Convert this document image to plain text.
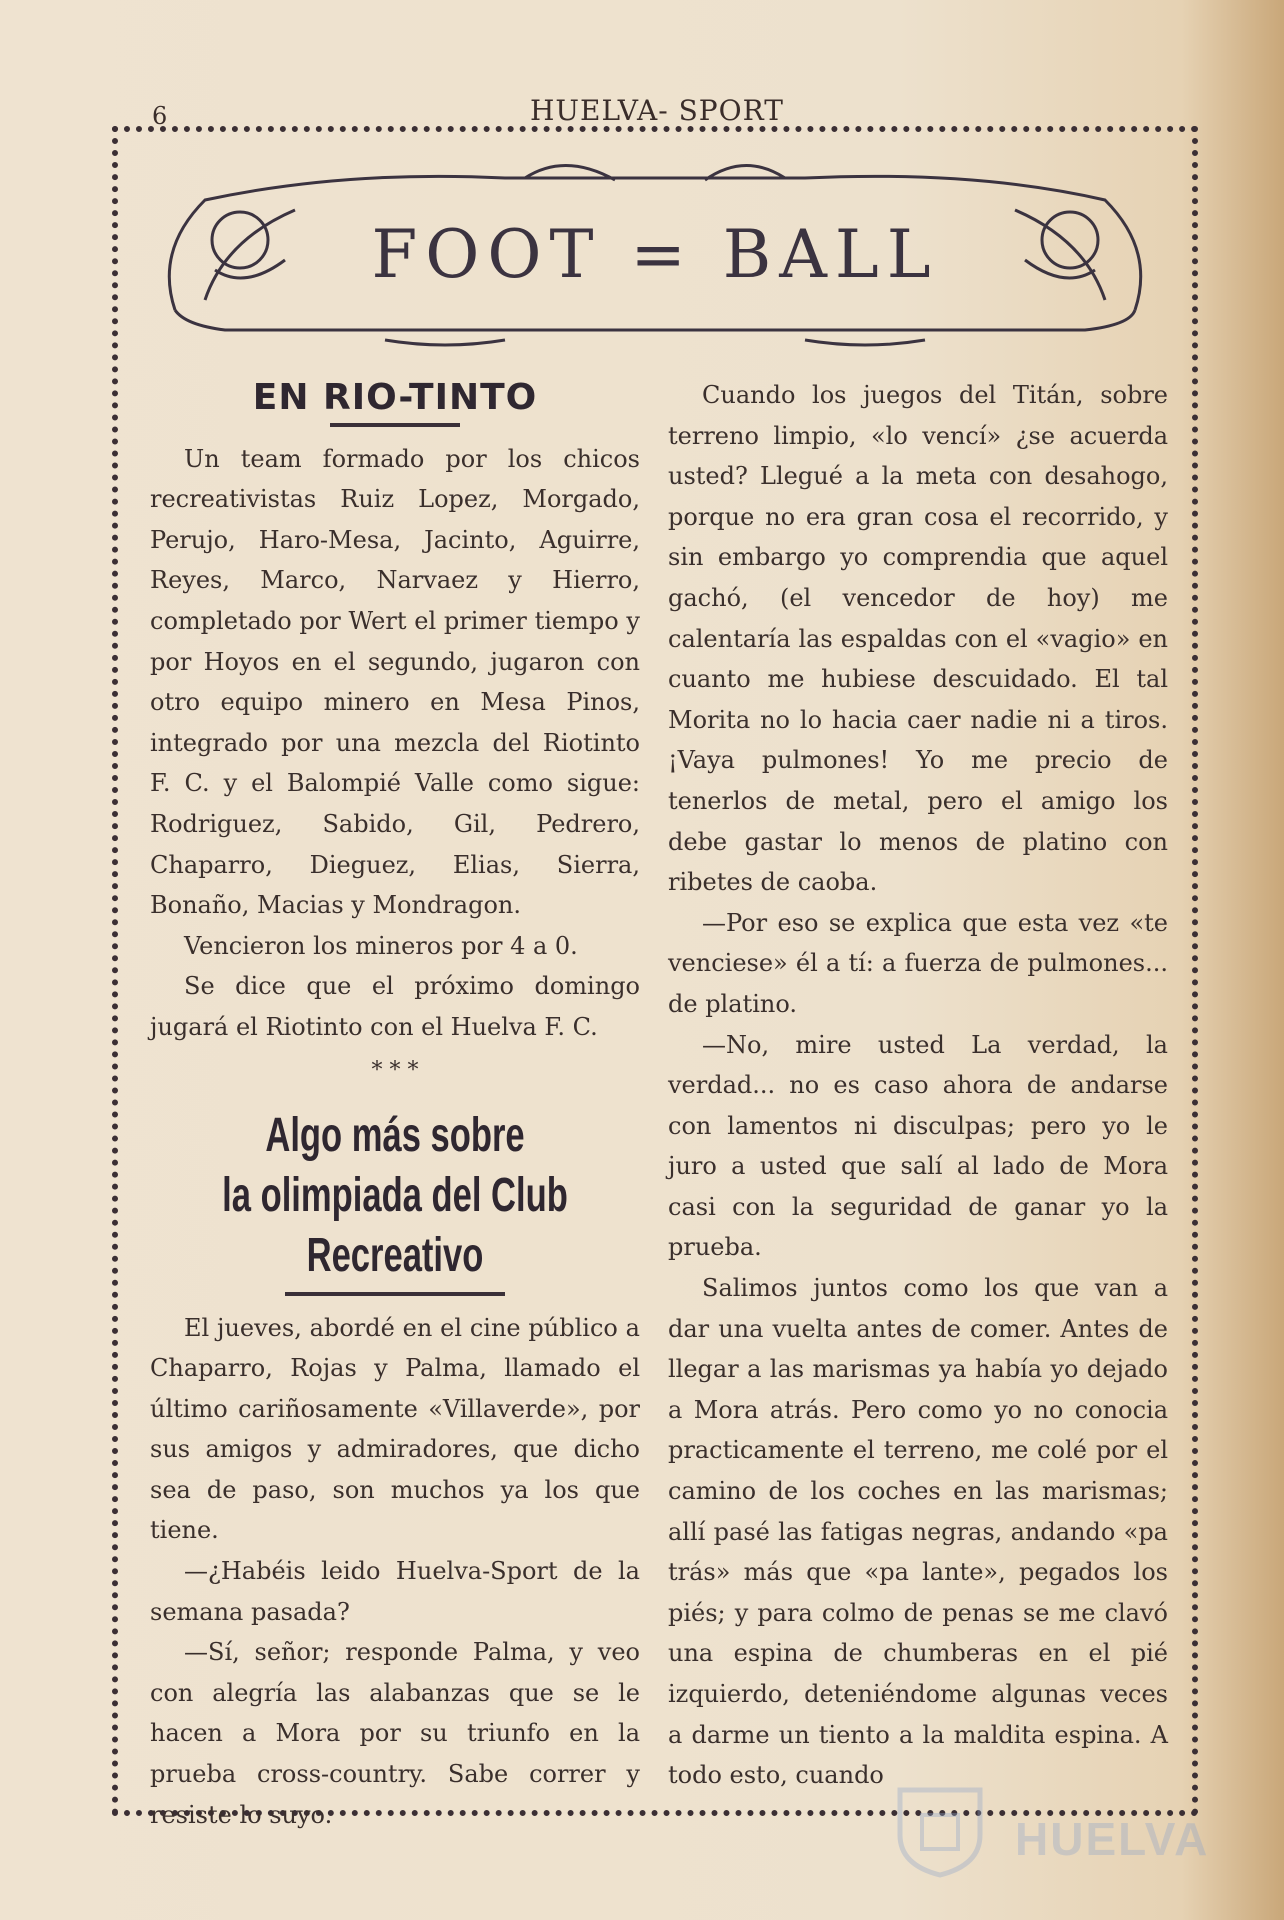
6	HUELVA- SPORT
FOOT = BALL
EN RIO-TINTO

Un team formado por los chicos recreativistas Ruiz Lopez, Morgado, Perujo, Haro-Mesa, Jacinto, Aguirre, Reyes, Marco, Narvaez y Hierro, completado por Wert el primer tiempo y por Hoyos en el segundo, jugaron con otro equipo minero en Mesa Pinos, integrado por una mezcla del Riotinto F. C. y el Balompié Valle como sigue: Rodriguez, Sabido, Gil, Pedrero, Chaparro, Dieguez, Elias, Sierra, Bonaño, Macias y Mondragon.

Vencieron los mineros por 4 a 0.

Se dice que el próximo domingo jugará el Riotinto con el Huelva F. C.

* * *
Algo más sobre
la olimpiada del Club Recreativo

El jueves, abordé en el cine público a Chaparro, Rojas y Palma, llamado el último cariñosamente «Villaverde», por sus amigos y admiradores, que dicho sea de paso, son muchos ya los que tiene.

—¿Habéis leido Huelva-Sport de la semana pasada?

—Sí, señor; responde Palma, y veo con alegría las alabanzas que se le hacen a Mora por su triunfo en la prueba cross-country. Sabe correr y resiste lo suyo.

Cuando los juegos del Titán, sobre terreno limpio, «lo vencí» ¿se acuerda usted? Llegué a la meta con desahogo, porque no era gran cosa el recorrido, y sin embargo yo comprendia que aquel gachó, (el vencedor de hoy) me calentaría las espaldas con el «vagio» en cuanto me hubiese descuidado. El tal Morita no lo hacia caer nadie ni a tiros. ¡Vaya pulmones! Yo me precio de tenerlos de metal, pero el amigo los debe gastar lo menos de platino con ribetes de caoba.

—Por eso se explica que esta vez «te venciese» él a tí: a fuerza de pulmones... de platino.

—No, mire usted La verdad, la verdad... no es caso ahora de andarse con lamentos ni disculpas; pero yo le juro a usted que salí al lado de Mora casi con la seguridad de ganar yo la prueba.

Salimos juntos como los que van a dar una vuelta antes de comer. Antes de llegar a las marismas ya había yo dejado a Mora atrás. Pero como yo no conocia practicamente el terreno, me colé por el camino de los coches en las marismas; allí pasé las fatigas negras, andando «pa trás» más que «pa lante», pegados los piés; y para colmo de penas se me clavó una espina de chumberas en el pié izquierdo, deteniéndome algunas veces a darme un tiento a la maldita espina. A todo esto, cuando

HUELVA
